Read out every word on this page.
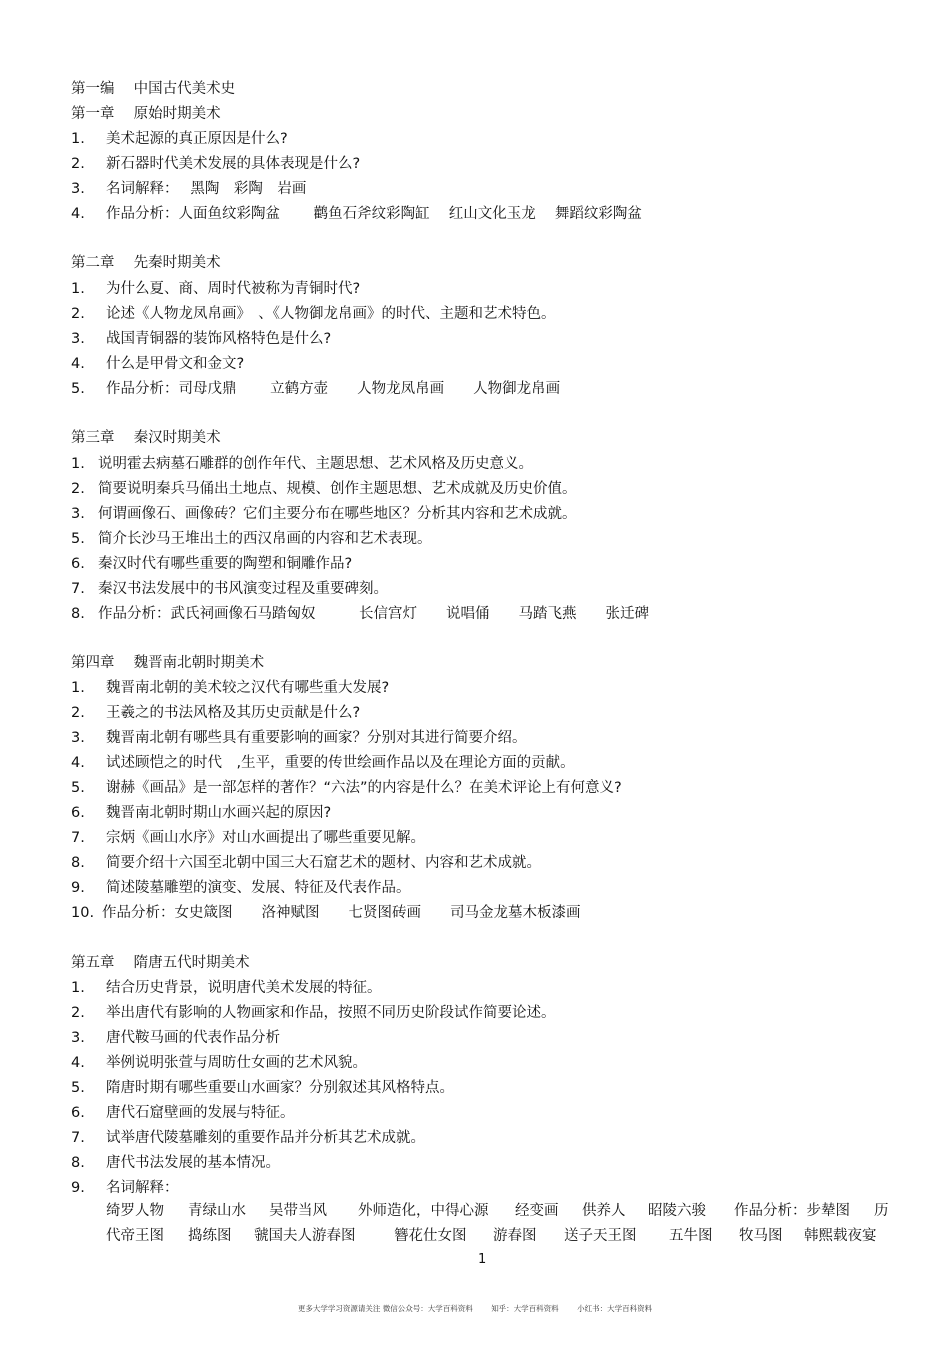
第一编　 中国古代美术史
第一章　 原始时期美术
1. 美术起源的真正原因是什么?
2. 新石器时代美术发展的具体表现是什么?
3. 名词解释：　 黑陶　彩陶　岩画
4. 作品分析：人面鱼纹彩陶盆　　 鹳鱼石斧纹彩陶缸　 红山文化玉龙　 舞蹈纹彩陶盆
第二章　 先秦时期美术
1. 为什么夏、商、周时代被称为青铜时代?
2. 论述《人物龙凤帛画》　、《人物御龙帛画》的时代、主题和艺术特色。
3. 战国青铜器的装饰风格特色是什么?
4. 什么是甲骨文和金文?
5. 作品分析：司母戊鼎　　 立鹤方壶　　人物龙凤帛画　　人物御龙帛画
第三章　 秦汉时期美术
1. 说明霍去病墓石雕群的创作年代、主题思想、艺术风格及历史意义。
2. 简要说明秦兵马俑出土地点、规模、创作主题思想、艺术成就及历史价值。
3. 何谓画像石、画像砖？它们主要分布在哪些地区？分析其内容和艺术成就。
5. 简介长沙马王堆出土的西汉帛画的内容和艺术表现。
6. 秦汉时代有哪些重要的陶塑和铜雕作品?
7. 秦汉书法发展中的书风演变过程及重要碑刻。
8. 作品分析：武氏祠画像石马踏匈奴　　　长信宫灯　　说唱俑　　马踏飞燕　　张迁碑
第四章　 魏晋南北朝时期美术
1. 魏晋南北朝的美术较之汉代有哪些重大发展?
2. 王羲之的书法风格及其历史贡献是什么?
3. 魏晋南北朝有哪些具有重要影响的画家？分别对其进行简要介绍。
4. 试述顾恺之的时代　,生平，重要的传世绘画作品以及在理论方面的贡献。
5. 谢赫《画品》是一部怎样的著作？“六法”的内容是什么？在美术评论上有何意义?
6. 魏晋南北朝时期山水画兴起的原因?
7. 宗炳《画山水序》对山水画提出了哪些重要见解。
8. 简要介绍十六国至北朝中国三大石窟艺术的题材、内容和艺术成就。
9. 简述陵墓雕塑的演变、发展、特征及代表作品。
10. 作品分析：女史箴图　　洛神赋图　　七贤图砖画　　司马金龙墓木板漆画
第五章　 隋唐五代时期美术
1. 结合历史背景，说明唐代美术发展的特征。
2. 举出唐代有影响的人物画家和作品，按照不同历史阶段试作简要论述。
3. 唐代鞍马画的代表作品分析
4. 举例说明张萱与周昉仕女画的艺术风貌。
5. 隋唐时期有哪些重要山水画家？分别叙述其风格特点。
6. 唐代石窟壁画的发展与特征。
7. 试举唐代陵墓雕刻的重要作品并分析其艺术成就。
8. 唐代书法发展的基本情况。
9. 名词解释：
绮罗人物 青绿山水 吴带当风 外师造化，中得心源 经变画 供养人 昭陵六骏 作品分析：步辇图 历
代帝王图 捣练图 虢国夫人游春图	簪花仕女图 游春图 送子天王图 五牛图 牧马图 韩熙载夜宴
1
更多大学学习资源请关注 微信公众号：大学百科资料 知乎：大学百科资料 小红书：大学百科资料
